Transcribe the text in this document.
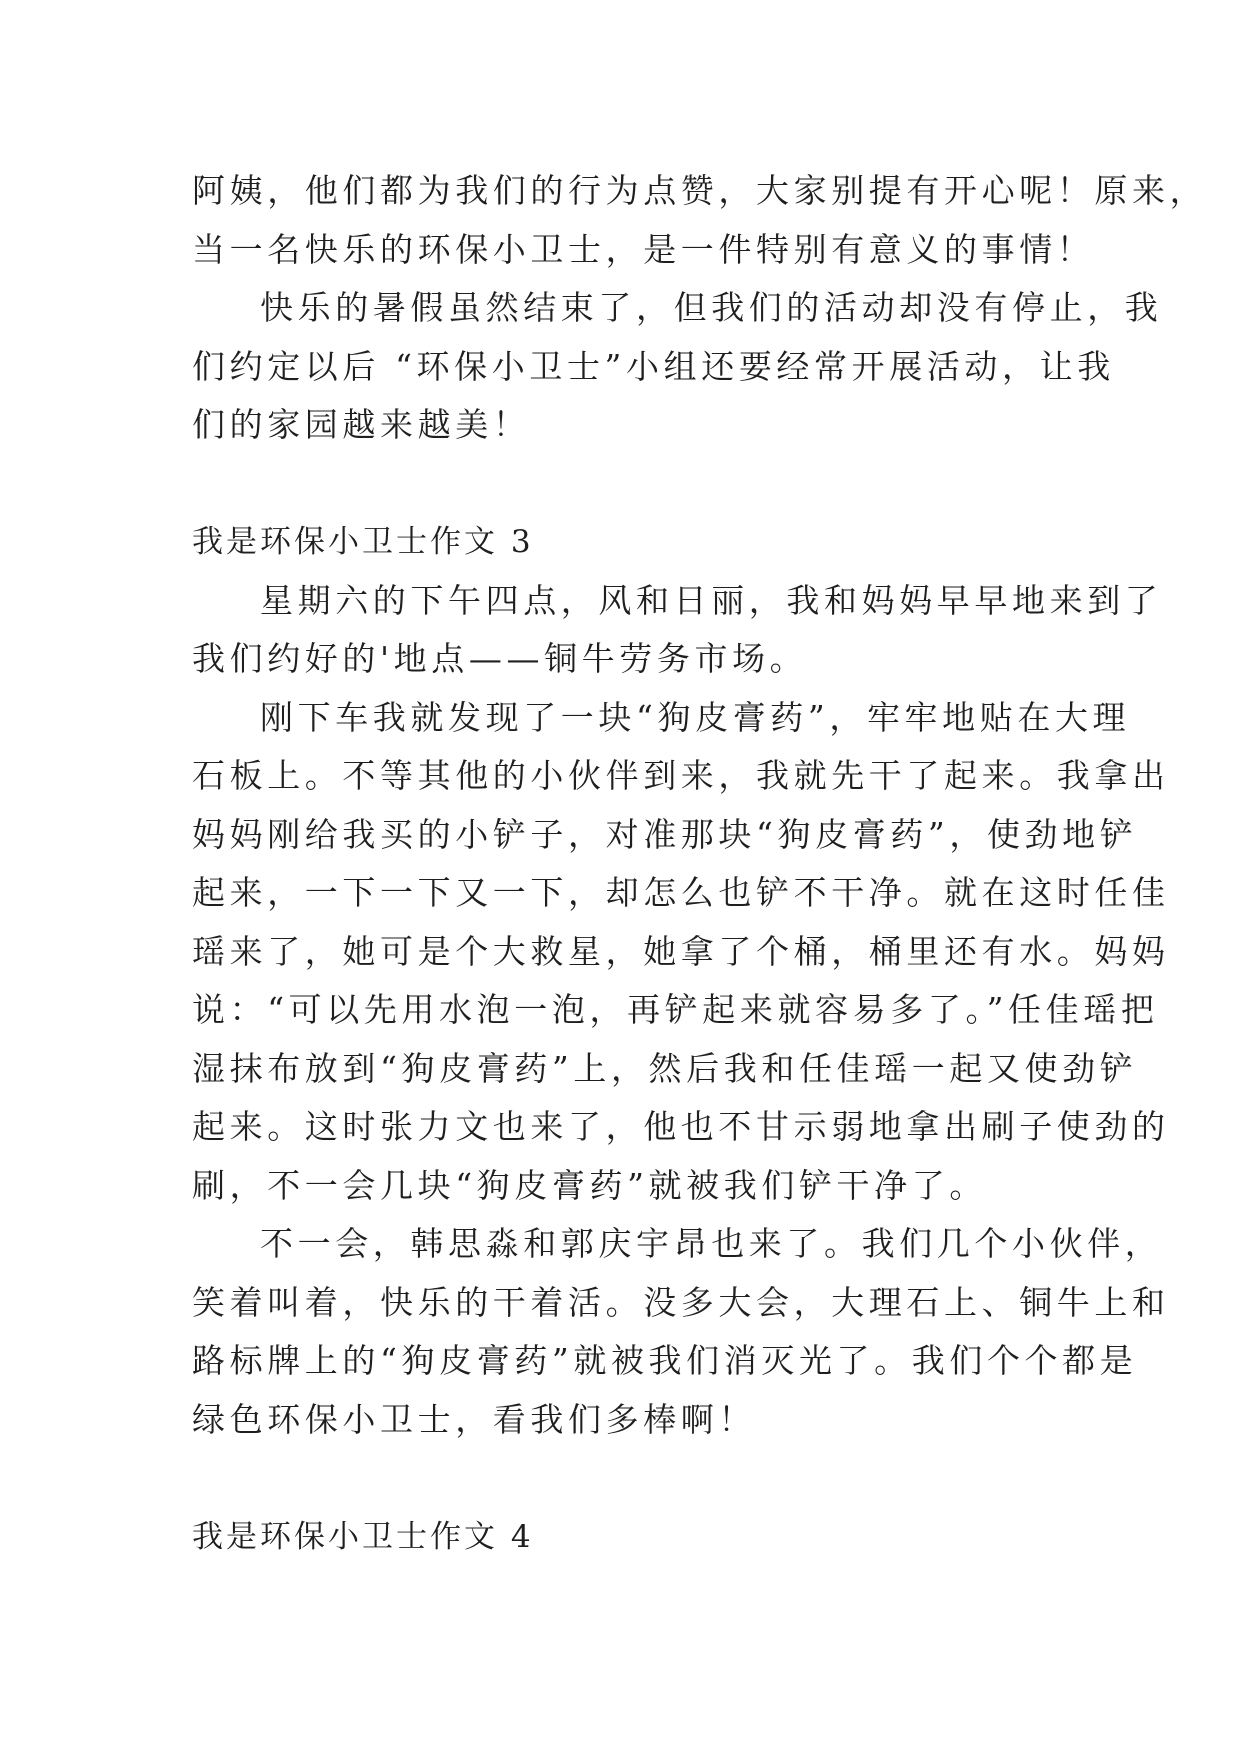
阿姨，他们都为我们的行为点赞，大家别提有开心呢！原来，
当一名快乐的环保小卫士，是一件特别有意义的事情！
快乐的暑假虽然结束了，但我们的活动却没有停止，我
们约定以后 “环保小卫士”小组还要经常开展活动，让我
们的家园越来越美！
我是环保小卫士作文 3
星期六的下午四点，风和日丽，我和妈妈早早地来到了
我们约好的'地点——铜牛劳务市场。
刚下车我就发现了一块“狗皮膏药”，牢牢地贴在大理
石板上。不等其他的小伙伴到来，我就先干了起来。我拿出
妈妈刚给我买的小铲子，对准那块“狗皮膏药”，使劲地铲
起来，一下一下又一下，却怎么也铲不干净。就在这时任佳
瑶来了，她可是个大救星，她拿了个桶，桶里还有水。妈妈
说：“可以先用水泡一泡，再铲起来就容易多了。”任佳瑶把
湿抹布放到“狗皮膏药”上，然后我和任佳瑶一起又使劲铲
起来。这时张力文也来了，他也不甘示弱地拿出刷子使劲的
刷，不一会几块“狗皮膏药”就被我们铲干净了。
不一会，韩思淼和郭庆宇昂也来了。我们几个小伙伴，
笑着叫着，快乐的干着活。没多大会，大理石上、铜牛上和
路标牌上的“狗皮膏药”就被我们消灭光了。我们个个都是
绿色环保小卫士，看我们多棒啊！
我是环保小卫士作文 4
